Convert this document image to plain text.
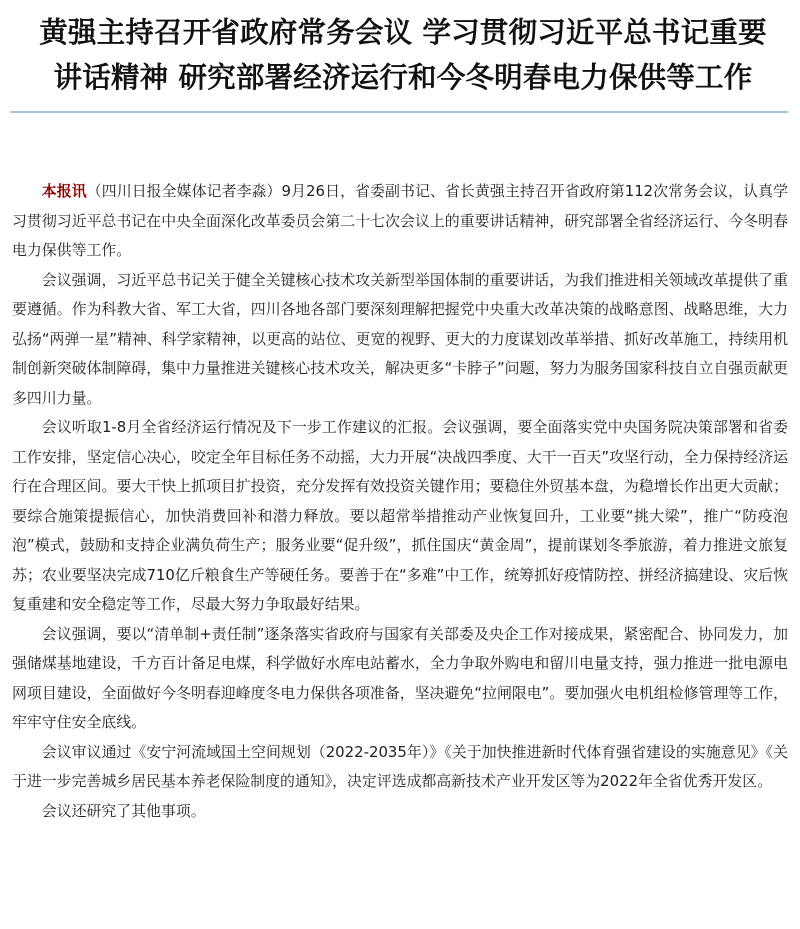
黄强主持召开省政府常务会议 学习贯彻习近平总书记重要
讲话精神 研究部署经济运行和今冬明春电力保供等工作

本报讯（四川日报全媒体记者李淼）9月26日，省委副书记、省长黄强主持召开省政府第112次常务会议，认真学习贯彻习近平总书记在中央全面深化改革委员会第二十七次会议上的重要讲话精神，研究部署全省经济运行、今冬明春电力保供等工作。

会议强调，习近平总书记关于健全关键核心技术攻关新型举国体制的重要讲话，为我们推进相关领域改革提供了重要遵循。作为科教大省、军工大省，四川各地各部门要深刻理解把握党中央重大改革决策的战略意图、战略思维，大力弘扬“两弹一星”精神、科学家精神，以更高的站位、更宽的视野、更大的力度谋划改革举措、抓好改革施工，持续用机制创新突破体制障碍，集中力量推进关键核心技术攻关，解决更多“卡脖子”问题，努力为服务国家科技自立自强贡献更多四川力量。

会议听取1-8月全省经济运行情况及下一步工作建议的汇报。会议强调，要全面落实党中央国务院决策部署和省委工作安排，坚定信心决心，咬定全年目标任务不动摇，大力开展“决战四季度、大干一百天”攻坚行动，全力保持经济运行在合理区间。要大干快上抓项目扩投资，充分发挥有效投资关键作用；要稳住外贸基本盘，为稳增长作出更大贡献；要综合施策提振信心，加快消费回补和潜力释放。要以超常举措推动产业恢复回升，工业要“挑大梁”，推广“防疫泡泡”模式，鼓励和支持企业满负荷生产；服务业要“促升级”，抓住国庆“黄金周”，提前谋划冬季旅游，着力推进文旅复苏；农业要坚决完成710亿斤粮食生产等硬任务。要善于在“多难”中工作，统筹抓好疫情防控、拼经济搞建设、灾后恢复重建和安全稳定等工作，尽最大努力争取最好结果。

会议强调，要以“清单制+责任制”逐条落实省政府与国家有关部委及央企工作对接成果，紧密配合、协同发力，加强储煤基地建设，千方百计备足电煤，科学做好水库电站蓄水，全力争取外购电和留川电量支持，强力推进一批电源电网项目建设，全面做好今冬明春迎峰度冬电力保供各项准备，坚决避免“拉闸限电”。要加强火电机组检修管理等工作，牢牢守住安全底线。

会议审议通过《安宁河流域国土空间规划（2022-2035年）》《关于加快推进新时代体育强省建设的实施意见》《关于进一步完善城乡居民基本养老保险制度的通知》，决定评选成都高新技术产业开发区等为2022年全省优秀开发区。

会议还研究了其他事项。
